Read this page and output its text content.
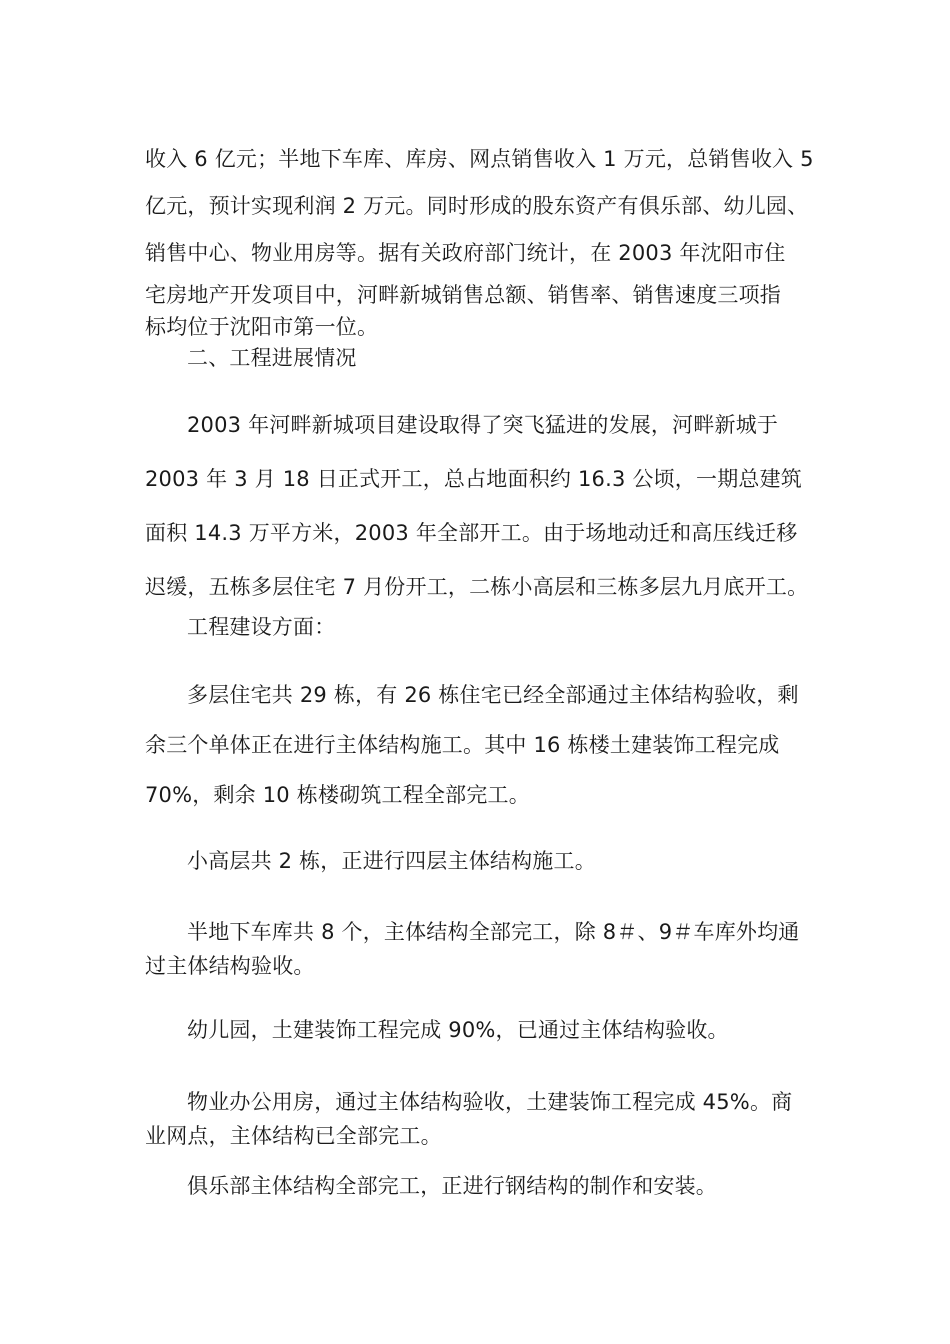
收入 6 亿元；半地下车库、库房、网点销售收入 1 万元，总销售收入 5
亿元，预计实现利润 2 万元。同时形成的股东资产有俱乐部、幼儿园、
销售中心、物业用房等。据有关政府部门统计，在 2003 年沈阳市住
宅房地产开发项目中，河畔新城销售总额、销售率、销售速度三项指
标均位于沈阳市第一位。
二、工程进展情况
2003 年河畔新城项目建设取得了突飞猛进的发展，河畔新城于
2003 年 3 月 18 日正式开工，总占地面积约 16.3 公顷，一期总建筑
面积 14.3 万平方米，2003 年全部开工。由于场地动迁和高压线迁移
迟缓，五栋多层住宅 7 月份开工，二栋小高层和三栋多层九月底开工。
工程建设方面：
多层住宅共 29 栋，有 26 栋住宅已经全部通过主体结构验收，剩
余三个单体正在进行主体结构施工。其中 16 栋楼土建装饰工程完成
70%，剩余 10 栋楼砌筑工程全部完工。
小高层共 2 栋，正进行四层主体结构施工。
半地下车库共 8 个，主体结构全部完工，除 8＃、9＃车库外均通
过主体结构验收。
幼儿园，土建装饰工程完成 90%，已通过主体结构验收。
物业办公用房，通过主体结构验收，土建装饰工程完成 45%。商
业网点，主体结构已全部完工。
俱乐部主体结构全部完工，正进行钢结构的制作和安装。
